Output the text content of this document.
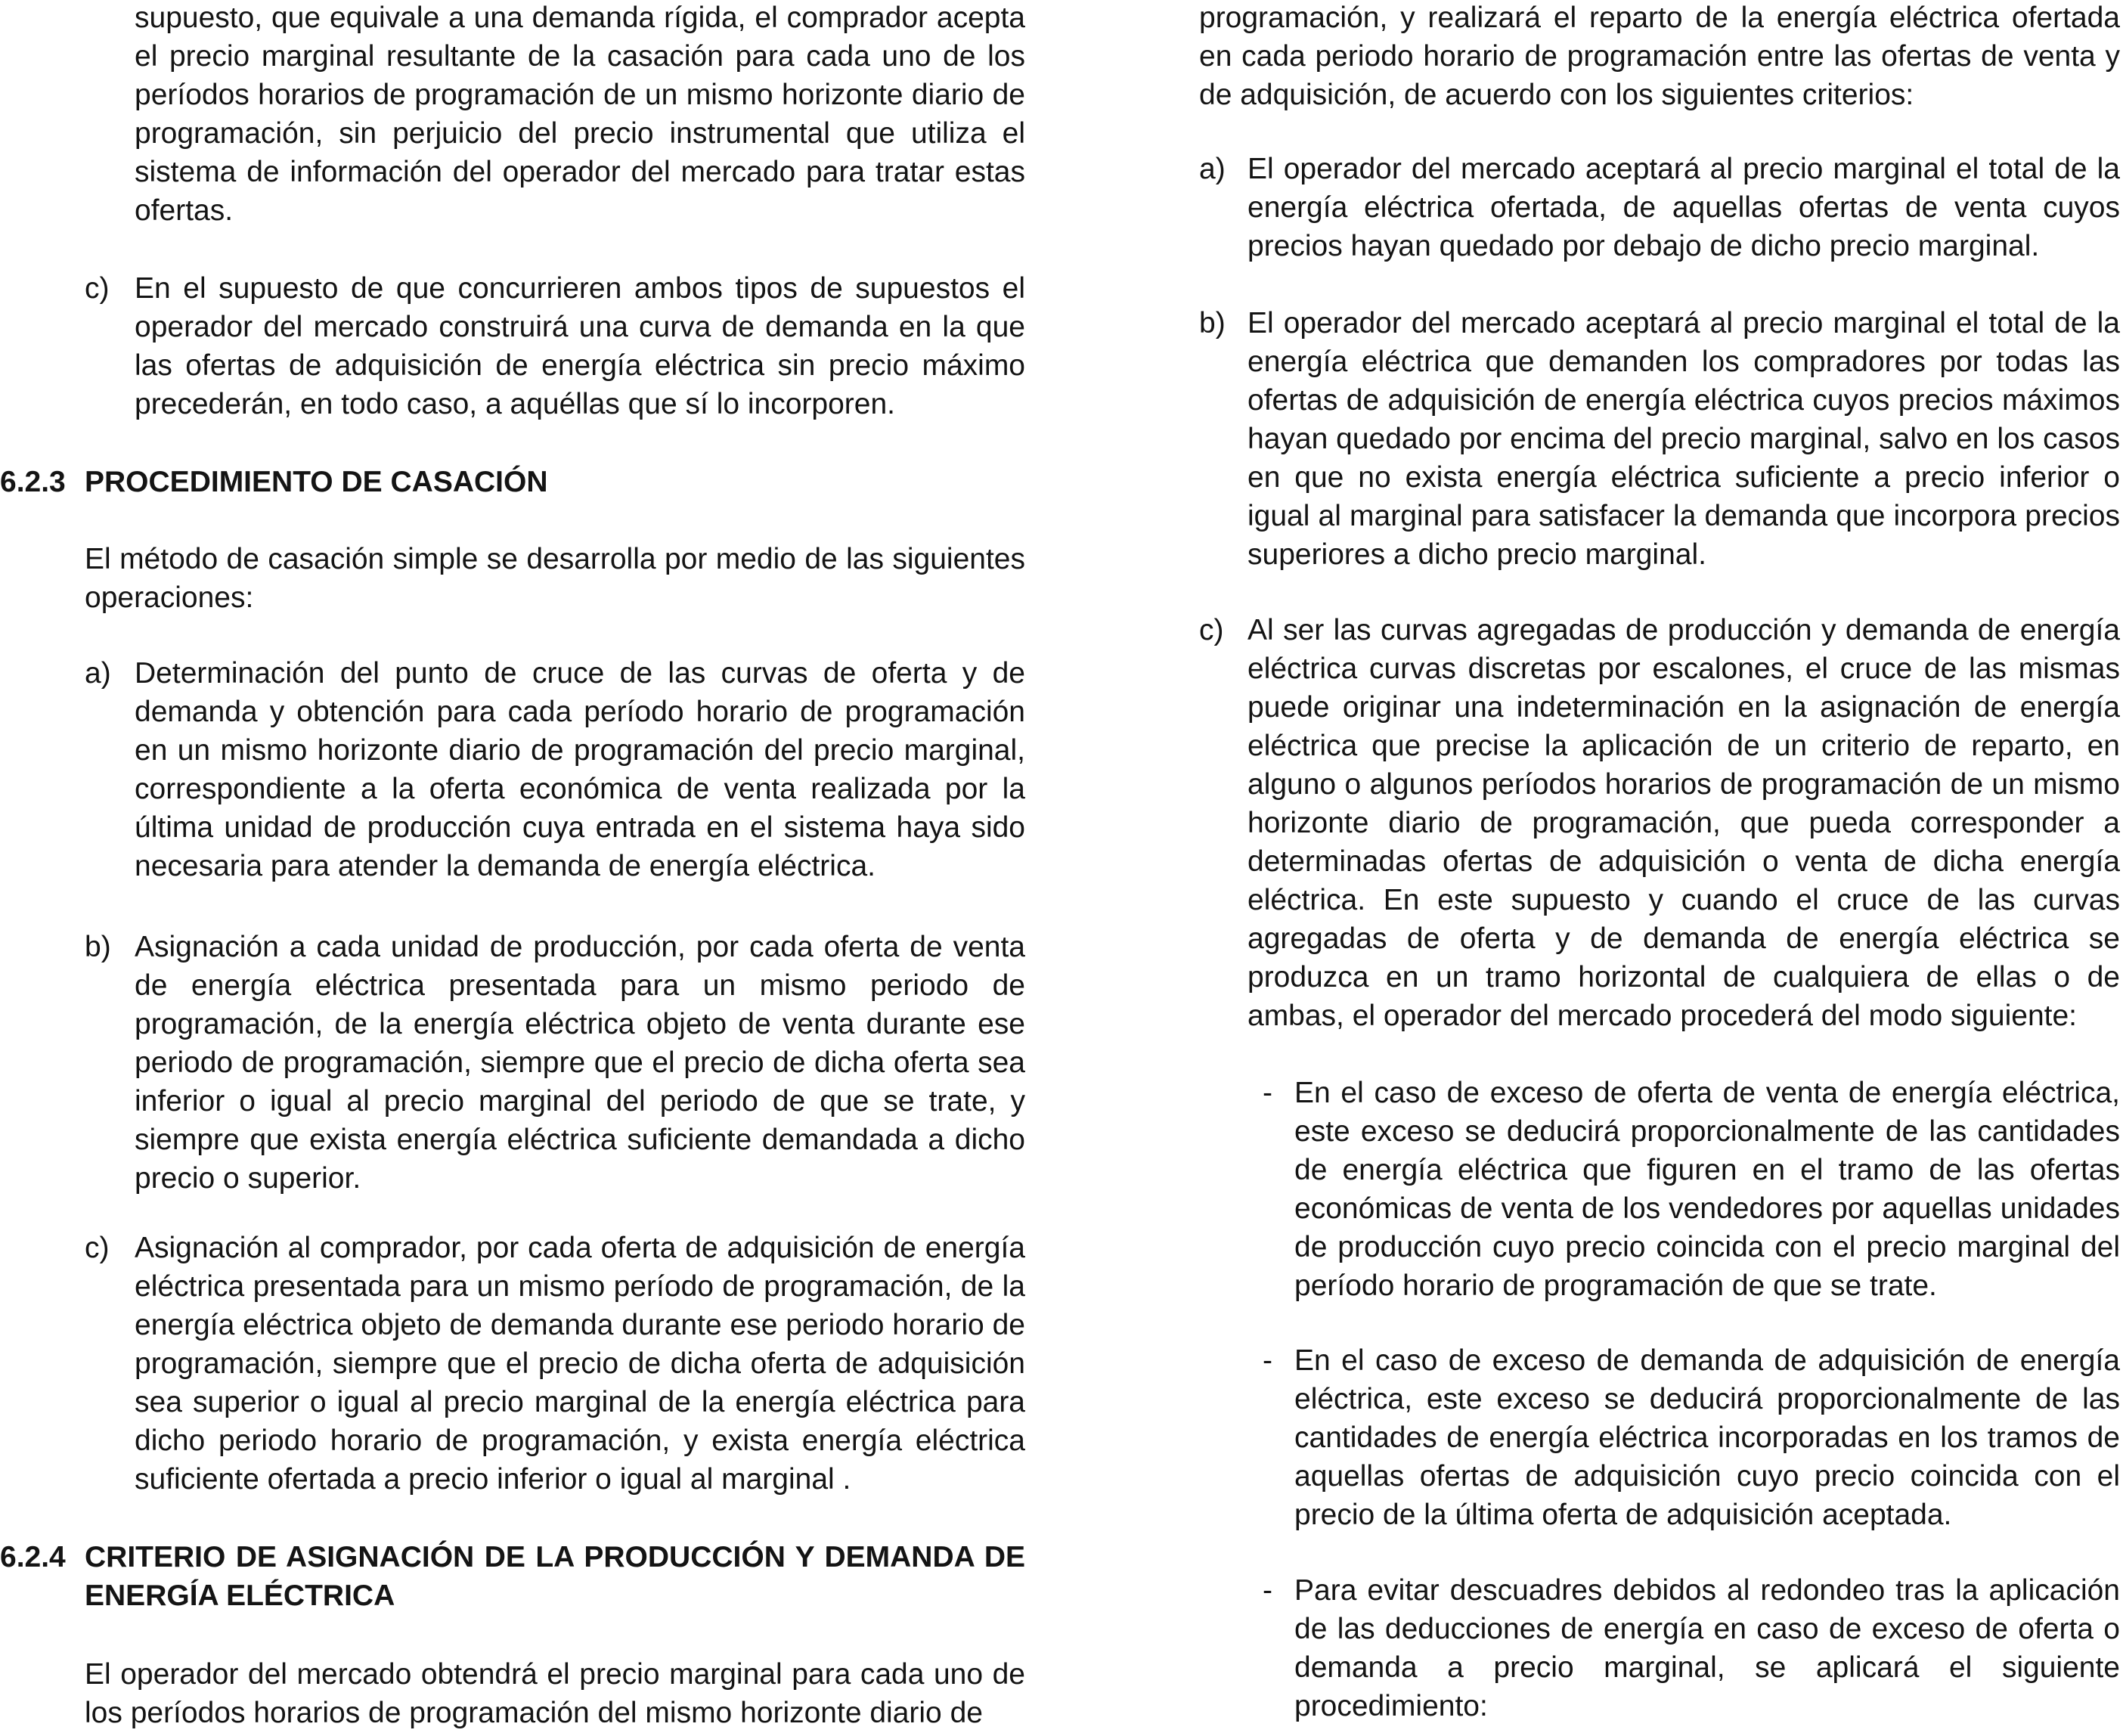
supuesto, que equivale a una demanda rígida, el comprador acepta el precio marginal resultante de la casación para cada uno de los períodos horarios de programación de un mismo horizonte diario de programación, sin perjuicio del precio instrumental que utiliza el sistema de información del operador del mercado para tratar estas ofertas.

c) En el supuesto de que concurrieren ambos tipos de supuestos el operador del mercado construirá una curva de demanda en la que las ofertas de adquisición de energía eléctrica sin precio máximo precederán, en todo caso, a aquéllas que sí lo incorporen.

6.2.3 PROCEDIMIENTO DE CASACIÓN

El método de casación simple se desarrolla por medio de las siguientes operaciones:

a) Determinación del punto de cruce de las curvas de oferta y de demanda y obtención para cada período horario de programación en un mismo horizonte diario de programación del precio marginal, correspondiente a la oferta económica de venta realizada por la última unidad de producción cuya entrada en el sistema haya sido necesaria para atender la demanda de energía eléctrica.

b) Asignación a cada unidad de producción, por cada oferta de venta de energía eléctrica presentada para un mismo periodo de programación, de la energía eléctrica objeto de venta durante ese periodo de programación, siempre que el precio de dicha oferta sea inferior o igual al precio marginal del periodo de que se trate, y siempre que exista energía eléctrica suficiente demandada a dicho precio o superior.

c) Asignación al comprador, por cada oferta de adquisición de energía eléctrica presentada para un mismo período de programación, de la energía eléctrica objeto de demanda durante ese periodo horario de programación, siempre que el precio de dicha oferta de adquisición sea superior o igual al precio marginal de la energía eléctrica para dicho periodo horario de programación, y exista energía eléctrica suficiente ofertada a precio inferior o igual al marginal .

6.2.4 CRITERIO DE ASIGNACIÓN DE LA PRODUCCIÓN Y DEMANDA DE ENERGÍA ELÉCTRICA

El operador del mercado obtendrá el precio marginal para cada uno de los períodos horarios de programación del mismo horizonte diario de

programación, y realizará el reparto de la energía eléctrica ofertada en cada periodo horario de programación entre las ofertas de venta y de adquisición, de acuerdo con los siguientes criterios:

a) El operador del mercado aceptará al precio marginal el total de la energía eléctrica ofertada, de aquellas ofertas de venta cuyos precios hayan quedado por debajo de dicho precio marginal.

b) El operador del mercado aceptará al precio marginal el total de la energía eléctrica que demanden los compradores por todas las ofertas de adquisición de energía eléctrica cuyos precios máximos hayan quedado por encima del precio marginal, salvo en los casos en que no exista energía eléctrica suficiente a precio inferior o igual al marginal para satisfacer la demanda que incorpora precios superiores a dicho precio marginal.

c) Al ser las curvas agregadas de producción y demanda de energía eléctrica curvas discretas por escalones, el cruce de las mismas puede originar una indeterminación en la asignación de energía eléctrica que precise la aplicación de un criterio de reparto, en alguno o algunos períodos horarios de programación de un mismo horizonte diario de programación, que pueda corresponder a determinadas ofertas de adquisición o venta de dicha energía eléctrica. En este supuesto y cuando el cruce de las curvas agregadas de oferta y de demanda de energía eléctrica se produzca en un tramo horizontal de cualquiera de ellas o de ambas, el operador del mercado procederá del modo siguiente:

- En el caso de exceso de oferta de venta de energía eléctrica, este exceso se deducirá proporcionalmente de las cantidades de energía eléctrica que figuren en el tramo de las ofertas económicas de venta de los vendedores por aquellas unidades de producción cuyo precio coincida con el precio marginal del período horario de programación de que se trate.

- En el caso de exceso de demanda de adquisición de energía eléctrica, este exceso se deducirá proporcionalmente de las cantidades de energía eléctrica incorporadas en los tramos de aquellas ofertas de adquisición cuyo precio coincida con el precio de la última oferta de adquisición aceptada.

- Para evitar descuadres debidos al redondeo tras la aplicación de las deducciones de energía en caso de exceso de oferta o demanda a precio marginal, se aplicará el siguiente procedimiento:
